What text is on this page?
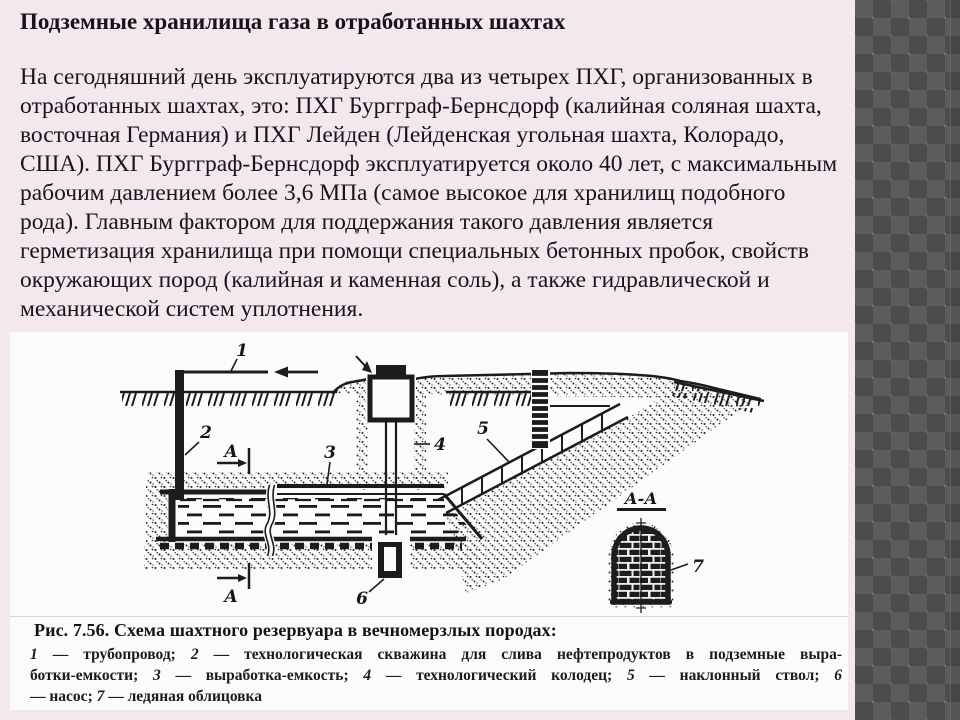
Подземные хранилища газа в отработанных шахтах
На сегодняшний день эксплуатируются два из четырех ПХГ, организованных в отработанных шахтах, это: ПХГ Бургграф-Бернсдорф (калийная соляная шахта, восточная Германия) и ПХГ Лейден (Лейденская угольная шахта, Колорадо, США). ПХГ Бургграф-Бернсдорф эксплуатируется около 40 лет, с максимальным рабочим давлением более 3,6 МПа (самое высокое для хранилищ подобного рода). Главным фактором для поддержания такого давления является герметизация хранилища при помощи специальных бетонных пробок, свойств окружающих пород (калийная и каменная соль), а также гидравлической и механической систем уплотнения.
1
2
3	4
5
6
7
А
А
А-А
Рис. 7.56. Схема шахтного резервуара в вечномерзлых породах:
1 — трубопровод; 2 — технологическая скважина для слива нефтепродуктов в подземные выра-
ботки-емкости; 3 — выработка-емкость; 4 — технологический колодец; 5 — наклонный ствол; 6
— насос; 7 — ледяная облицовка
